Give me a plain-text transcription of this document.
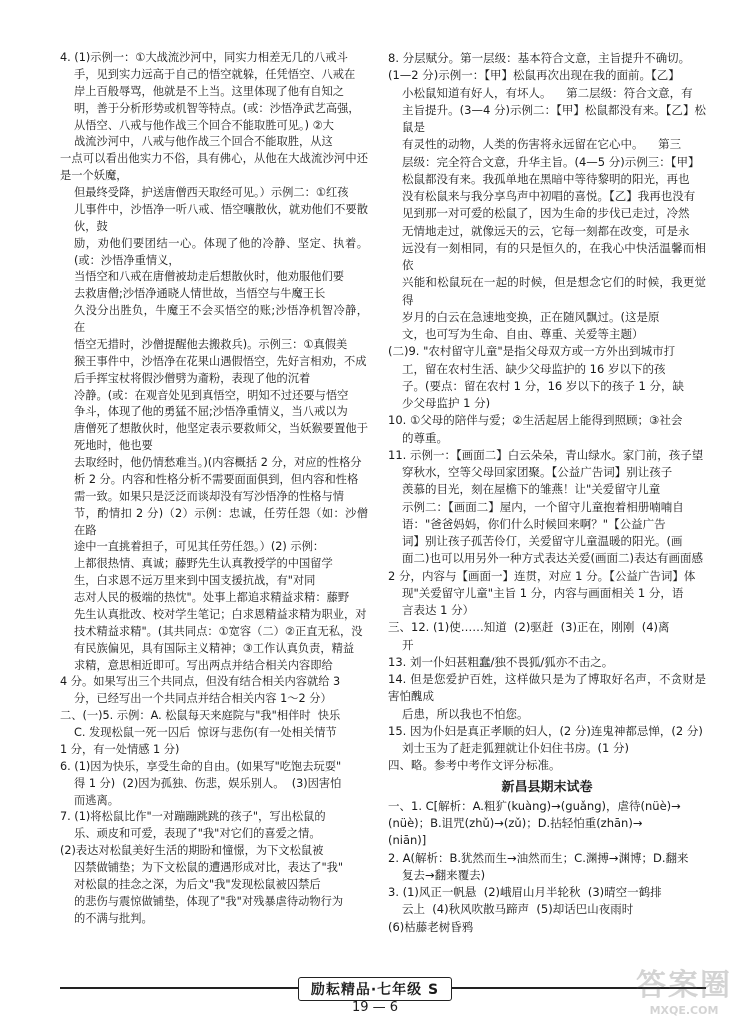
4. (1)示例一：①大战流沙河中，同实力相差无几的八戒斗

手，见到实力远高于自己的悟空就躲，任凭悟空、八戒在

岸上百般辱骂，他就是不上当。这里体现了他有自知之

明，善于分析形势或机智等特点。(或：沙悟净武艺高强，

从悟空、八戒与他作战三个回合不能取胜可见。) ②大

战流沙河中，八戒与他作战三个回合不能取胜，从这

一点可以看出他实力不俗，具有佛心，从他在大战流沙河中还是一个妖魔，

但最终受降，护送唐僧西天取经可见。）示例二：①红孩

儿事件中，沙悟净一听八戒、悟空嚷散伙，就劝他们不要散伙，鼓

励，劝他们要团结一心。体现了他的冷静、坚定、执着。(或：沙悟净重情义，

当悟空和八戒在唐僧被劫走后想散伙时，他劝服他们要

去救唐僧;沙悟净通晓人情世故，当悟空与牛魔王长

久没分出胜负，牛魔王不会买悟空的账;沙悟净机智冷静，在

悟空无措时，沙僧提醒他去搬救兵)。示例三：①真假美

猴王事件中，沙悟净在花果山遇假悟空，先好言相劝，不成

后手挥宝杖将假沙僧劈为齑粉，表现了他的沉着

冷静。(或：在观音处见到真悟空，明知不过还要与悟空

争斗，体现了他的勇猛不屈;沙悟净重情义，当八戒以为

唐僧死了想散伙时，他坚定表示要救师父，当妖猴要置他于死地时，他也要

去取经时，他仍情愁难当。)(内容概括 2 分，对应的性格分

析 2 分。内容和性格分析不需要面面俱到，但内容和性格

需一致。如果只是泛泛而谈却没有写沙悟净的性格与情

节，酌情扣 2 分)（2）示例：忠诚，任劳任怨（如：沙僧在路

途中一直挑着担子，可见其任劳任怨。）(2) 示例：

上都很热情、真诚；藤野先生认真教授学的中国留学

生，白求恩不远万里来到中国支援抗战，有"对同

志对人民的极端的热忱"。处事上都追求精益求精：藤野

先生认真批改、校对学生笔记；白求恩精益求精为职业，对

技术精益求精"。(其共同点：①宽容（二）②正直无私，没

有民族偏见，具有国际主义精神；③工作认真负责，精益

求精，意思相近即可。写出两点并结合相关内容即给

4 分。如果写出三个共同点，但没有结合相关内容就给 3

分，已经写出一个共同点并结合相关内容 1～2 分）

二、(一)5. 示例：A. 松鼠每天来庭院与"我"相伴时  快乐

C. 发现松鼠一死一囚后  惊讶与悲伤(有一处相关情节

1 分，有一处情感 1 分)

6. (1)因为快乐，享受生命的自由。(如果写"吃饱去玩耍"

得 1 分)  (2)因为孤独、伤悲，娱乐别人。  (3)因害怕

而逃离。

7. (1)将松鼠比作"一对蹦蹦跳跳的孩子"，写出松鼠的

乐、顽皮和可爱，表现了"我"对它们的喜爱之情。

(2)表达对松鼠美好生活的期盼和憧憬，为下文松鼠被

囚禁做铺垫；为下文松鼠的遭遇形成对比，表达了"我"

对松鼠的挂念之深，为后文"我"发现松鼠被囚禁后

的悲伤与震惊做铺垫，体现了"我"对残暴虐待动物行为

的不满与批判。

8. 分层赋分。第一层级：基本符合文意，主旨提升不确切。

(1—2 分)示例一：【甲】松鼠再次出现在我的面前。【乙】

小松鼠知道有好人，有坏人。    第二层级：符合文意，有

主旨提升。(3—4 分)示例二：【甲】松鼠都没有来。【乙】松鼠是

有灵性的动物，人类的伤害将永远留在它心中。    第三

层级：完全符合文意，升华主旨。(4—5 分)示例三：【甲】

松鼠都没有来。我孤单地在黑暗中等待黎明的阳光，再也

没有松鼠来与我分享鸟声中初唱的喜悦。【乙】我再也没有

见到那一对可爱的松鼠了，因为生命的步伐已走过，冷然

无情地走过，就像远天的云，它每一刻都在改变，可是永

远没有一刻相同，有的只是恒久的，在我心中快活温馨而相依

兴能和松鼠玩在一起的时候，但是想念它们的时候，我更觉得

岁月的白云在急速地变换，正在随风飘过。(这是原

文，也可写为生命、自由、尊重、关爱等主题）

(二)9. "农村留守儿童"是指父母双方或一方外出到城市打

工，留在农村生活、缺少父母监护的 16 岁以下的孩

子。(要点：留在农村 1 分，16 岁以下的孩子 1 分，缺

少父母监护 1 分)

10. ①父母的陪伴与爱；②生活起居上能得到照顾；③社会

的尊重。

11. 示例一：【画面二】白云朵朵，青山绿水。家门前，孩子望

穿秋水，空等父母回家团聚。【公益广告词】别让孩子

羡慕的目光，刻在屋檐下的雏燕！让"关爱留守儿童

示例二：【画面二】屋内，一个留守儿童抱着相册喃喃自

语："爸爸妈妈，你们什么时候回来啊？"【公益广告

词】别让孩子孤苦伶仃，关爱留守儿童温暖的阳光。(画

面二)也可以用另外一种方式表达关爱(画面二)表达有画面感

2 分，内容与【画面一】连贯，对应 1 分。【公益广告词】体

现"关爱留守儿童"主旨 1 分，内容与画面相关 1 分，语

言表达 1 分）

三、12. (1)使……知道  (2)驱赶  (3)正在，刚刚  (4)离

开

13. 刘一仆妇甚粗蠢/独不畏狐/狐亦不击之。

14. 但是您爱护百姓，这样做只是为了博取好名声，不贪财是害怕醜成

后患，所以我也不怕您。

15. 因为仆妇是真正孝顺的妇人，(2 分)连鬼神都忌惮，(2 分)

刘士玉为了赶走狐狸就让仆妇住书房。(1 分)

四、略。参考中考作文评分标准。

新昌县期末试卷

一、1. C[解析：A.粗犷(kuàng)→(guǎng)，虐待(nüè)→

(nüè)；B.诅咒(zhǔ)→(zǔ)；D.拈轻怕重(zhān)→

(niān)]

2. A(解析：B.犹然而生→油然而生；C.渊搏→渊博；D.翻来

复去→翻来覆去)

3. (1)风正一帆悬  (2)峨眉山月半轮秋  (3)晴空一鹤排

云上  (4)秋风吹散马蹄声  (5)却话巴山夜雨时

(6)枯藤老树昏鸦

励耘精品·七年级 S
19 — 6
答案圈
MXQE.COM
